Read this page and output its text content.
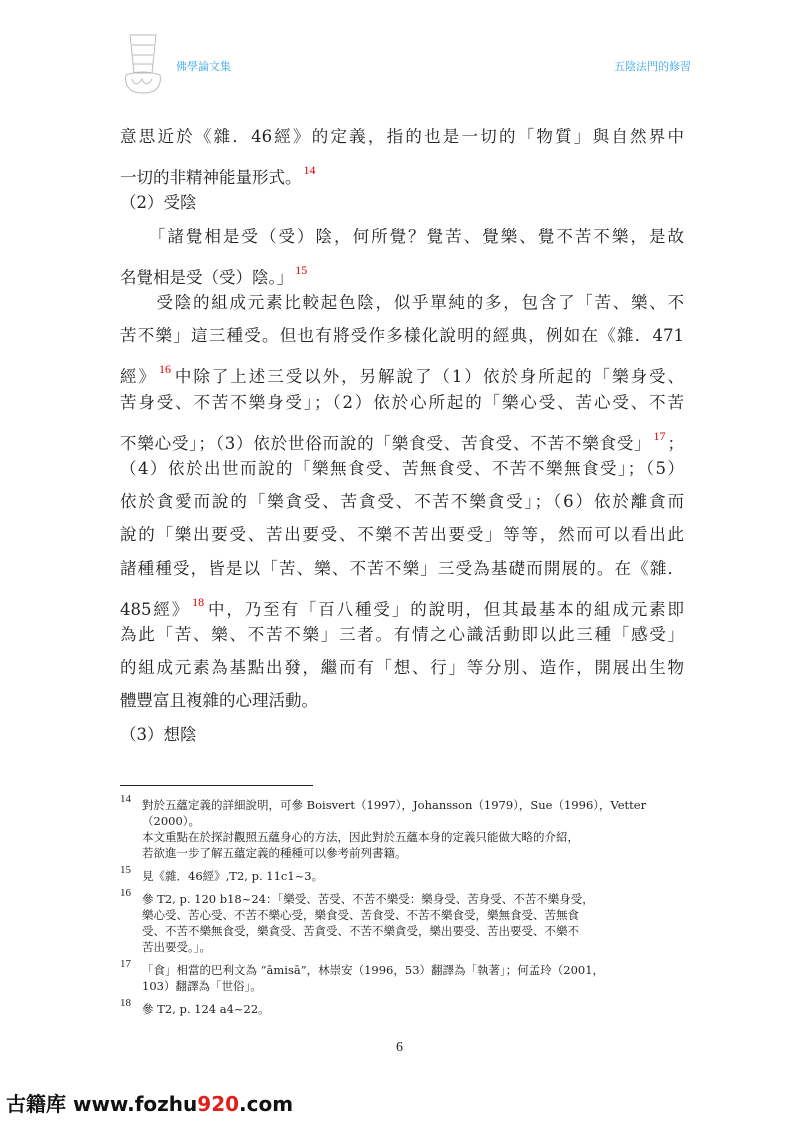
佛學論文集	五陰法門的修習
意思近於《雜．46經》的定義，指的也是一切的「物質」與自然界中
一切的非精神能量形式。 $^{14}$
（2）受陰
　　「諸覺相是受（受）陰，何所覺？覺苦、覺樂、覺不苦不樂，是故
名覺相是受（受）陰。」 $^{15}$
　　受陰的組成元素比較起色陰，似乎單純的多，包含了「苦、樂、不
苦不樂」這三種受。但也有將受作多樣化說明的經典，例如在《雜．471
經》 $^{16}$ 中除了上述三受以外，另解說了（1）依於身所起的「樂身受、
苦身受、不苦不樂身受」；（2）依於心所起的「樂心受、苦心受、不苦
不樂心受」；（3）依於世俗而說的「樂食受、苦食受、不苦不樂食受」 $^{17}$ ；
（4）依於出世而說的「樂無食受、苦無食受、不苦不樂無食受」；（5）
依於貪愛而說的「樂貪受、苦貪受、不苦不樂貪受」；（6）依於離貪而
說的「樂出要受、苦出要受、不樂不苦出要受」等等，然而可以看出此
諸種種受，皆是以「苦、樂、不苦不樂」三受為基礎而開展的。在《雜．
485經》 $^{18}$ 中，乃至有「百八種受」的說明，但其最基本的組成元素即
為此「苦、樂、不苦不樂」三者。有情之心識活動即以此三種「感受」
的組成元素為基點出發，繼而有「想、行」等分別、造作，開展出生物
體豐富且複雜的心理活動。
（3）想陰
14 對於五蘊定義的詳細說明，可參 Boisvert（1997），Johansson（1979），Sue（1996），Vetter
（2000）。
本文重點在於探討觀照五蘊身心的方法，因此對於五蘊本身的定義只能做大略的介紹，
若欲進一步了解五蘊定義的種種可以參考前列書籍。
15 見《雜．46經》,T2, p. 11c1~3。
16 參 T2, p. 120 b18~24：「樂受、苦受、不苦不樂受：樂身受、苦身受、不苦不樂身受，
樂心受、苦心受、不苦不樂心受，樂食受、苦食受、不苦不樂食受，樂無食受、苦無食
受、不苦不樂無食受，樂貪受、苦貪受、不苦不樂貪受，樂出要受、苦出要受、不樂不
苦出要受。」。
17 「食」相當的巴利文為 “āmisā”，林崇安（1996，53）翻譯為「執著」；何孟玲（2001，
103）翻譯為「世俗」。
18 參 T2, p. 124 a4~22。
6
古籍库 www.fozhu920.com
